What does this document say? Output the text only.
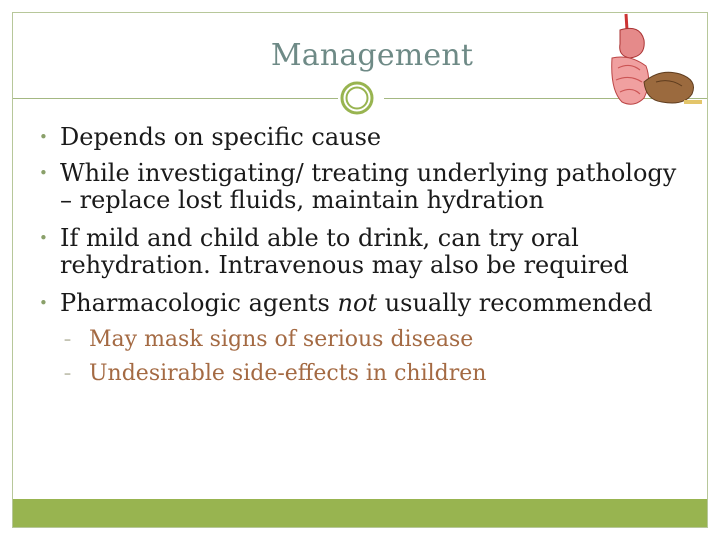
Management
• Depends on specific cause
• While investigating/ treating underlying pathology – replace lost fluids, maintain hydration
• If mild and child able to drink, can try oral rehydration. Intravenous may also be required
• Pharmacologic agents not usually recommended
– May mask signs of serious disease
– Undesirable side-effects in children
